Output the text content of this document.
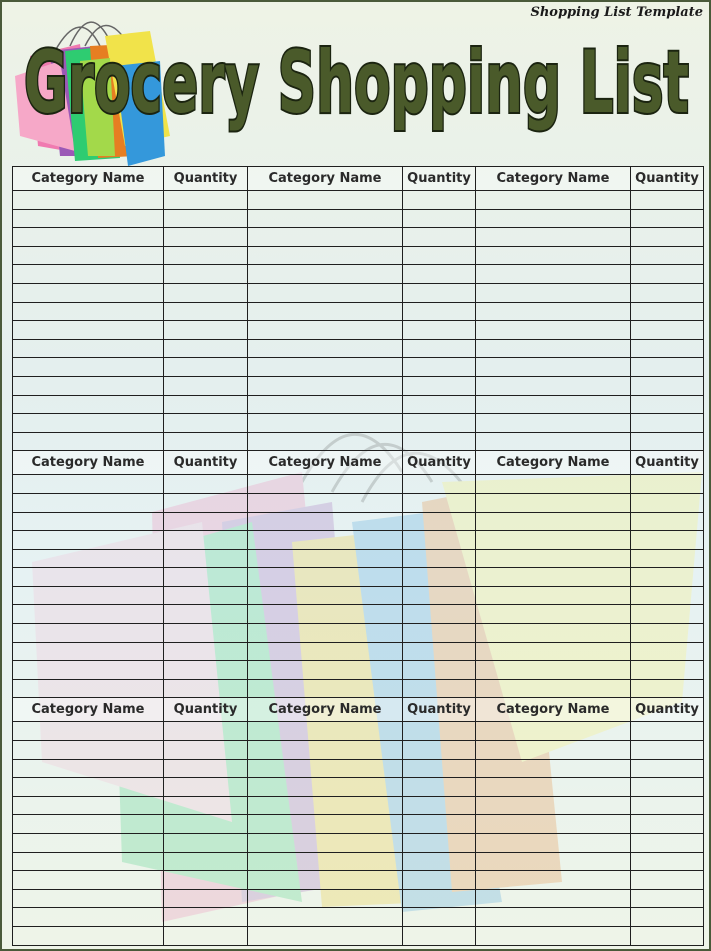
Shopping List Template
Grocery Shopping List
Category Name	Quantity	Category Name	Quantity	Category Name	Quantity

Category Name	Quantity	Category Name	Quantity	Category Name	Quantity

Category Name	Quantity	Category Name	Quantity	Category Name	Quantity
